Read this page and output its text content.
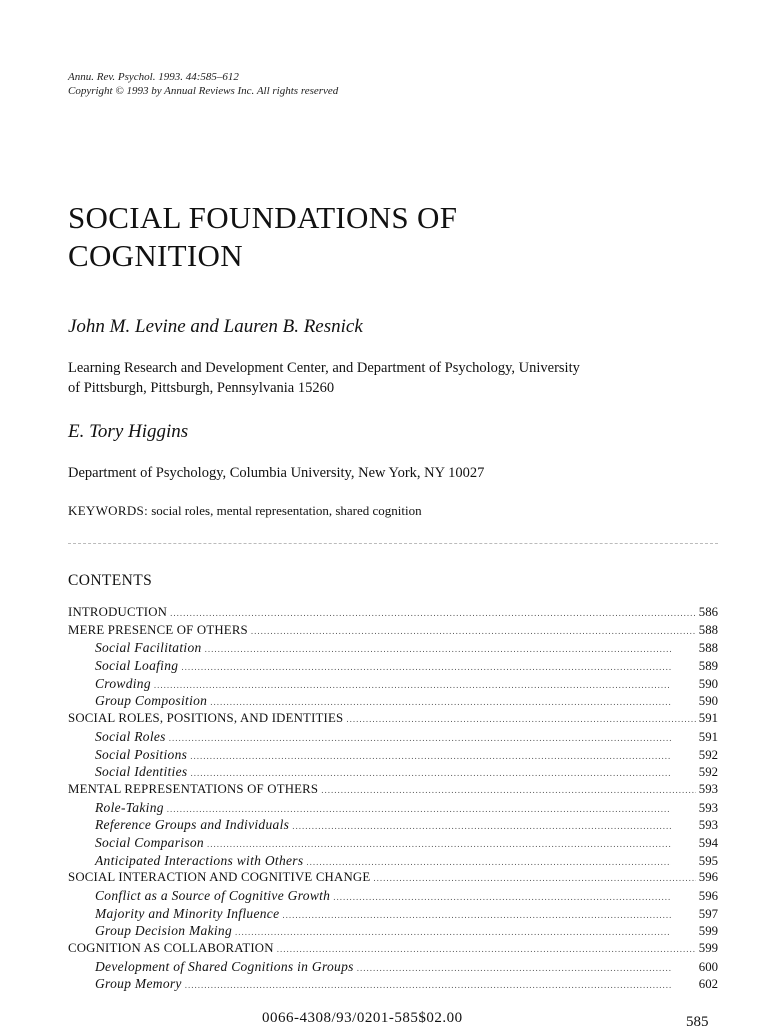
Annu. Rev. Psychol. 1993. 44:585–612
Copyright © 1993 by Annual Reviews Inc. All rights reserved
SOCIAL FOUNDATIONS OF
COGNITION
John M. Levine and Lauren B. Resnick
Learning Research and Development Center, and Department of Psychology, University
of Pittsburgh, Pittsburgh, Pennsylvania 15260
E. Tory Higgins
Department of Psychology, Columbia University, New York, NY 10027
KEYWORDS: social roles, mental representation, shared cognition
CONTENTS
INTRODUCTION .....	586
MERE PRESENCE OF OTHERS .....	588
Social Facilitation .....	588
Social Loafing .....	589
Crowding .....	590
Group Composition .....	590
SOCIAL ROLES, POSITIONS, AND IDENTITIES .....	591
Social Roles .....	591
Social Positions .....	592
Social Identities .....	592
MENTAL REPRESENTATIONS OF OTHERS .....	593
Role-Taking .....	593
Reference Groups and Individuals .....	593
Social Comparison .....	594
Anticipated Interactions with Others .....	595
SOCIAL INTERACTION AND COGNITIVE CHANGE .....	596
Conflict as a Source of Cognitive Growth .....	596
Majority and Minority Influence .....	597
Group Decision Making .....	599
COGNITION AS COLLABORATION .....	599
Development of Shared Cognitions in Groups .....	600
Group Memory .....	602
0066-4308/93/0201-585$02.00	585
